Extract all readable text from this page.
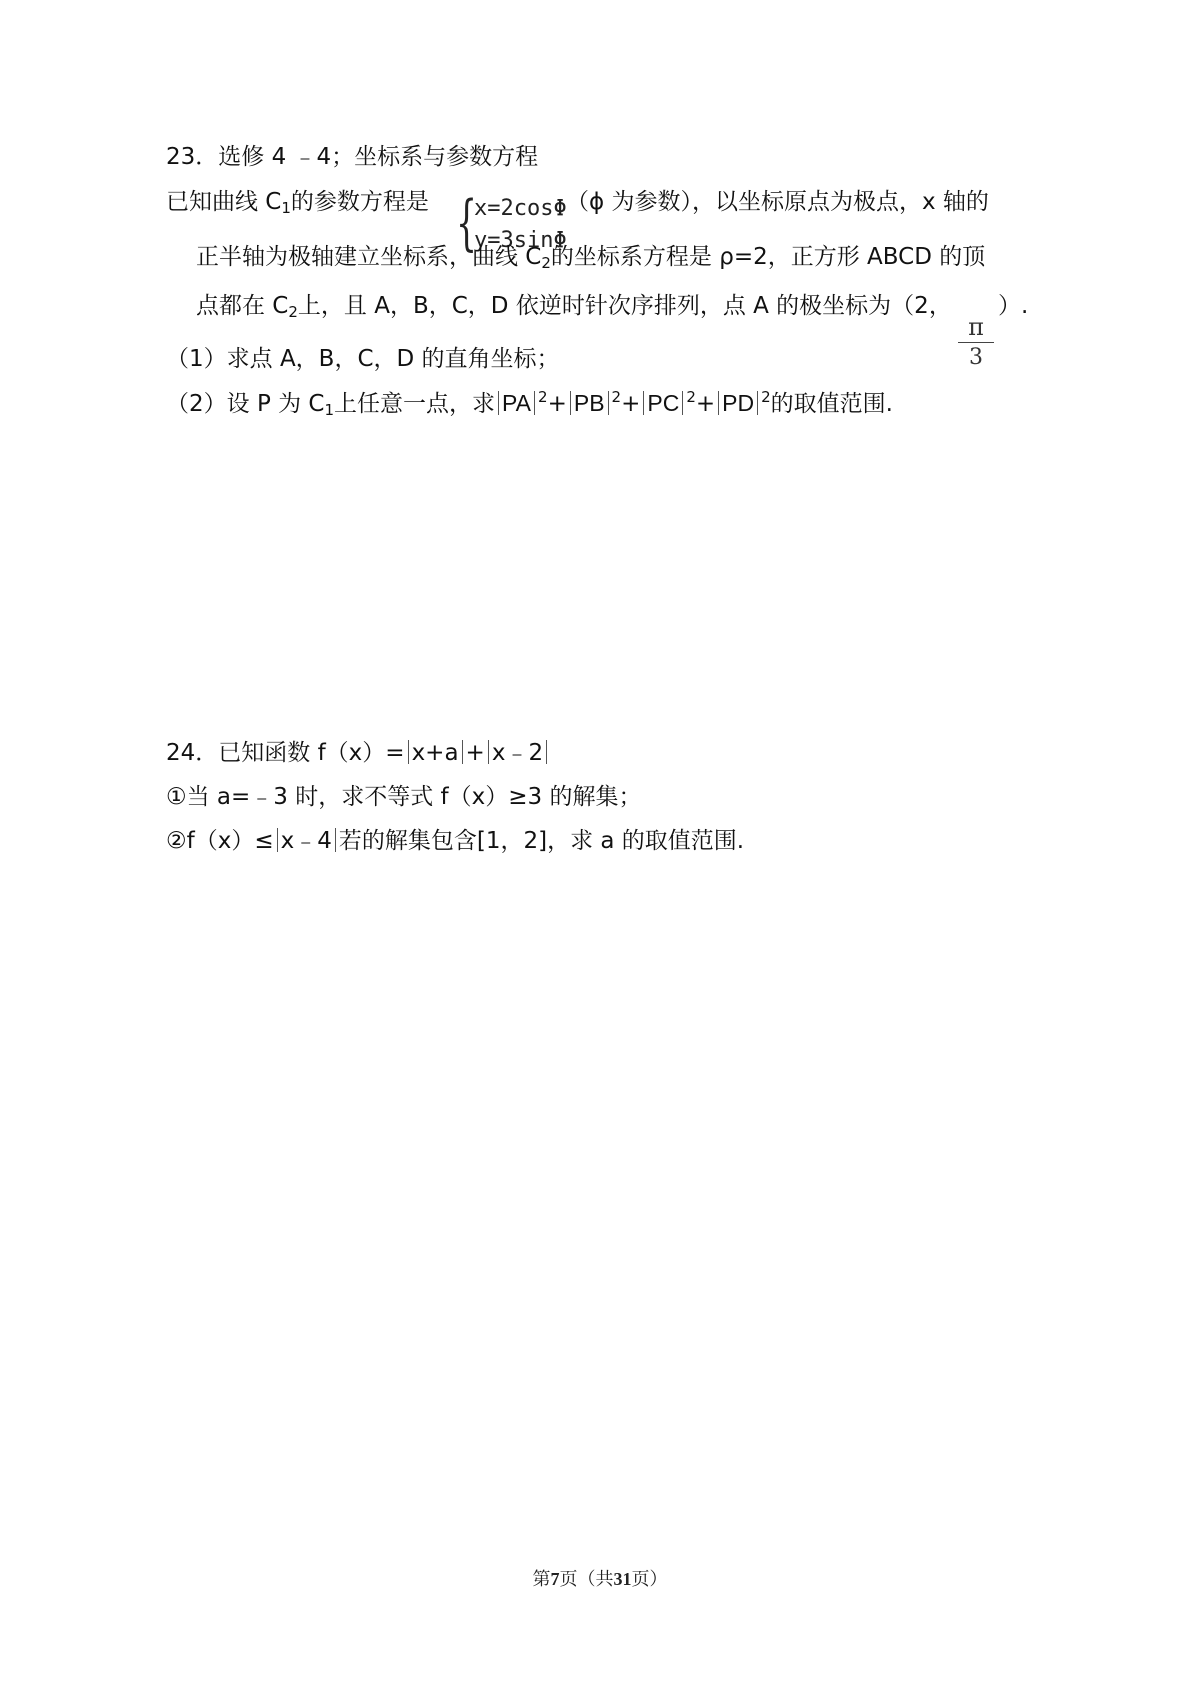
23．选修 4 ﹣4；坐标系与参数方程
已知曲线 $C_1$的参数方程是 {
x=2cosΦ
y=3sinΦ
（ϕ 为参数），以坐标原点为极点，x 轴的
正半轴为极轴建立坐标系，曲线 $C_2$的坐标系方程是 ρ=2，正方形 ABCD 的顶
点都在 $C_2$上，且 A，B，C，D 依逆时针次序排列，点 A 的极坐标为（2，
π
3
）.
（1）求点 A，B，C，D 的直角坐标；
（2）设 P 为 $C_1$上任意一点，求 PA $^2$+ PB $^2$+ PC $^2$+ PD $^2$的取值范围.
24．已知函数 f（x）= x+a + x﹣2
①当 a=﹣3 时，求不等式 f（x）≥3 的解集；
②f（x）≤ x﹣4 若的解集包含[1，2]，求 a 的取值范围.
第7页（共31页）
